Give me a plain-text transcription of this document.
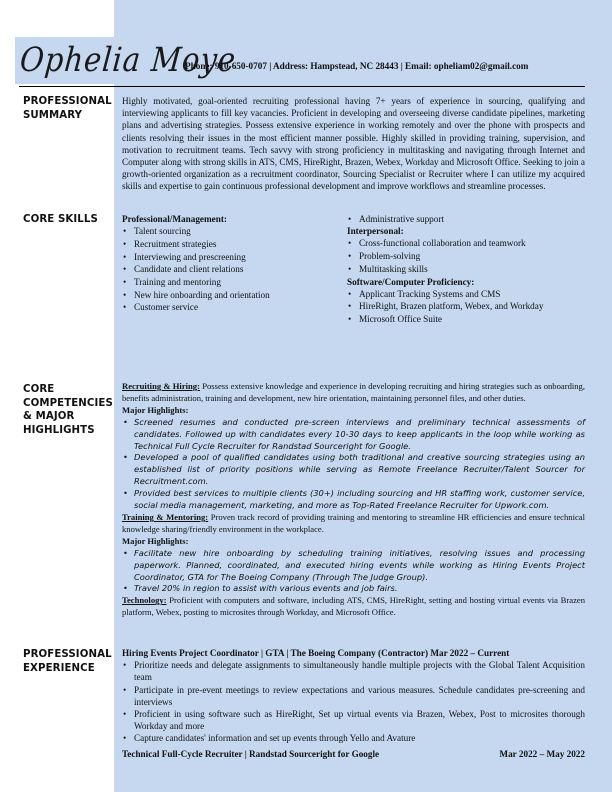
Ophelia Moye
Phone: 910-650-0707 | Address: Hampstead, NC 28443 | Email: opheliam02@gmail.com
PROFESSIONAL SUMMARY
Highly motivated, goal-oriented recruiting professional having 7+ years of experience in sourcing, qualifying and interviewing applicants to fill key vacancies. Proficient in developing and overseeing diverse candidate pipelines, marketing plans and advertising strategies. Possess extensive experience in working remotely and over the phone with prospects and clients resolving their issues in the most efficient manner possible. Highly skilled in providing training, supervision, and motivation to recruitment teams. Tech savvy with strong proficiency in multitasking and navigating through Internet and Computer along with strong skills in ATS, CMS, HireRight, Brazen, Webex, Workday and Microsoft Office. Seeking to join a growth-oriented organization as a recruitment coordinator, Sourcing Specialist or Recruiter where I can utilize my acquired skills and expertise to gain continuous professional development and improve workflows and streamline processes.
CORE SKILLS	Professional/Management:
• Talent sourcing
• Recruitment strategies
• Interviewing and prescreening
• Candidate and client relations
• Training and mentoring
• New hire onboarding and orientation
• Customer service
• Administrative support
Interpersonal:
• Cross-functional collaboration and teamwork
• Problem-solving
• Multitasking skills
Software/Computer Proficiency:
• Applicant Tracking Systems and CMS
• HireRight, Brazen platform, Webex, and Workday
• Microsoft Office Suite
CORE COMPETENCIES & MAJOR HIGHLIGHTS
Recruiting & Hiring: Possess extensive knowledge and experience in developing recruiting and hiring strategies such as onboarding, benefits administration, training and development, new hire orientation, maintaining personnel files, and other duties.
Major Highlights:
• Screened resumes and conducted pre-screen interviews and preliminary technical assessments of candidates. Followed up with candidates every 10-30 days to keep applicants in the loop while working as Technical Full Cycle Recruiter for Randstad Sourceright for Google.
• Developed a pool of qualified candidates using both traditional and creative sourcing strategies using an established list of priority positions while serving as Remote Freelance Recruiter/Talent Sourcer for Recruitment.com.
• Provided best services to multiple clients (30+) including sourcing and HR staffing work, customer service, social media management, marketing, and more as Top-Rated Freelance Recruiter for Upwork.com.
Training & Mentoring: Proven track record of providing training and mentoring to streamline HR efficiencies and ensure technical knowledge sharing/friendly environment in the workplace.
Major Highlights:
• Facilitate new hire onboarding by scheduling training initiatives, resolving issues and processing paperwork. Planned, coordinated, and executed hiring events while working as Hiring Events Project Coordinator, GTA for The Boeing Company (Through The Judge Group).
• Travel 20% in region to assist with various events and job fairs.
Technology: Proficient with computers and software, including ATS, CMS, HireRight, setting and hosting virtual events via Brazen platform, Webex, posting to microsites through Workday, and Microsoft Office.
PROFESSIONAL EXPERIENCE
Hiring Events Project Coordinator | GTA | The Boeing Company (Contractor) Mar 2022 – Current
• Prioritize needs and delegate assignments to simultaneously handle multiple projects with the Global Talent Acquisition team
• Participate in pre-event meetings to review expectations and various measures. Schedule candidates pre-screening and interviews
• Proficient in using software such as HireRight, Set up virtual events via Brazen, Webex, Post to microsites thorough Workday and more
• Capture candidates' information and set up events through Yello and Avature
Technical Full-Cycle Recruiter | Randstad Sourceright for Google	Mar 2022 – May 2022
